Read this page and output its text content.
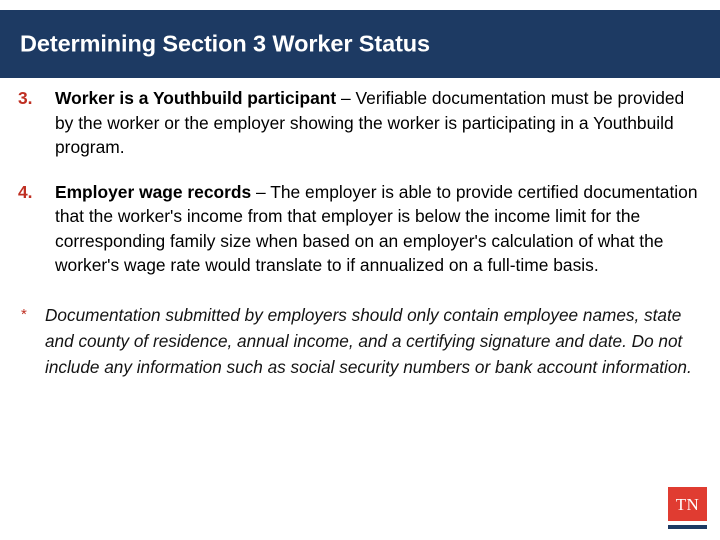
Determining Section 3 Worker Status
3.	Worker is a Youthbuild participant – Verifiable documentation must be provided by the worker or the employer showing the worker is participating in a Youthbuild program.
4.	Employer wage records – The employer is able to provide certified documentation that the worker's income from that employer is below the income limit for the corresponding family size when based on an employer's calculation of what the worker's wage rate would translate to if annualized on a full-time basis.
* Documentation submitted by employers should only contain employee names, state and county of residence, annual income, and a certifying signature and date. Do not include any information such as social security numbers or bank account information.
TN
